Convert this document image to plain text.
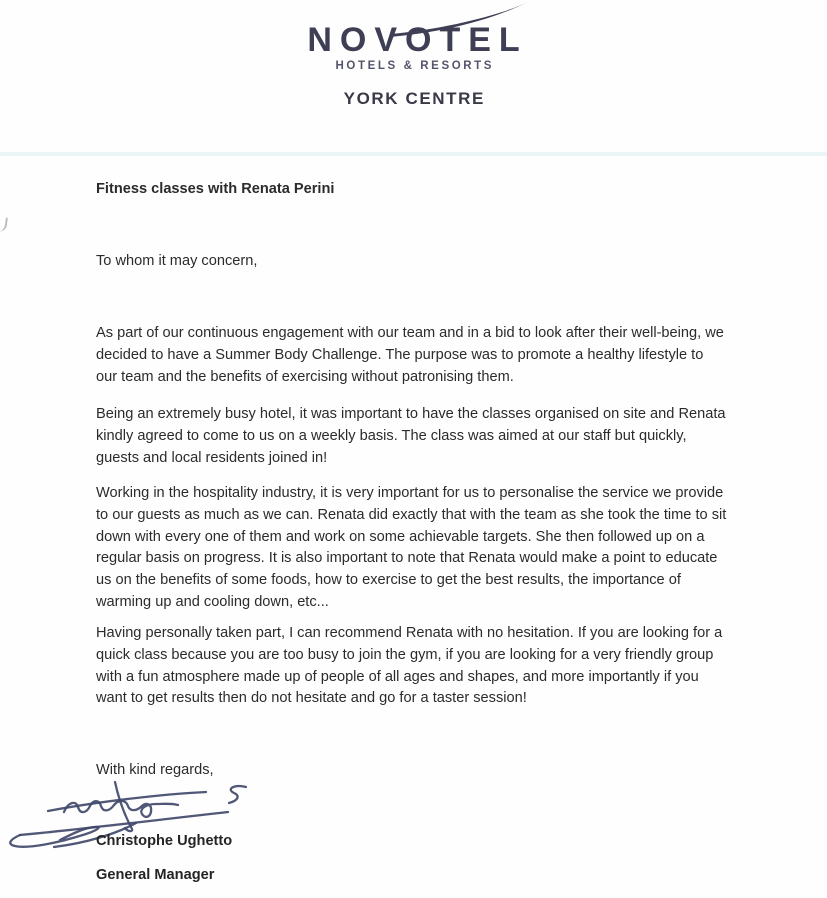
NOVOTEL
HOTELS & RESORTS
YORK CENTRE
Fitness classes with Renata Perini
To whom it may concern,
As part of our continuous engagement with our team and in a bid to look after their well-being, we decided to have a Summer Body Challenge. The purpose was to promote a healthy lifestyle to our team and the benefits of exercising without patronising them.
Being an extremely busy hotel, it was important to have the classes organised on site and Renata kindly agreed to come to us on a weekly basis. The class was aimed at our staff but quickly, guests and local residents joined in!
Working in the hospitality industry, it is very important for us to personalise the service we provide to our guests as much as we can. Renata did exactly that with the team as she took the time to sit down with every one of them and work on some achievable targets. She then followed up on a regular basis on progress. It is also important to note that Renata would make a point to educate us on the benefits of some foods, how to exercise to get the best results, the importance of warming up and cooling down, etc...
Having personally taken part, I can recommend Renata with no hesitation. If you are looking for a quick class because you are too busy to join the gym, if you are looking for a very friendly group with a fun atmosphere made up of people of all ages and shapes, and more importantly if you want to get results then do not hesitate and go for a taster session!
With kind regards,
Christophe Ughetto
General Manager
